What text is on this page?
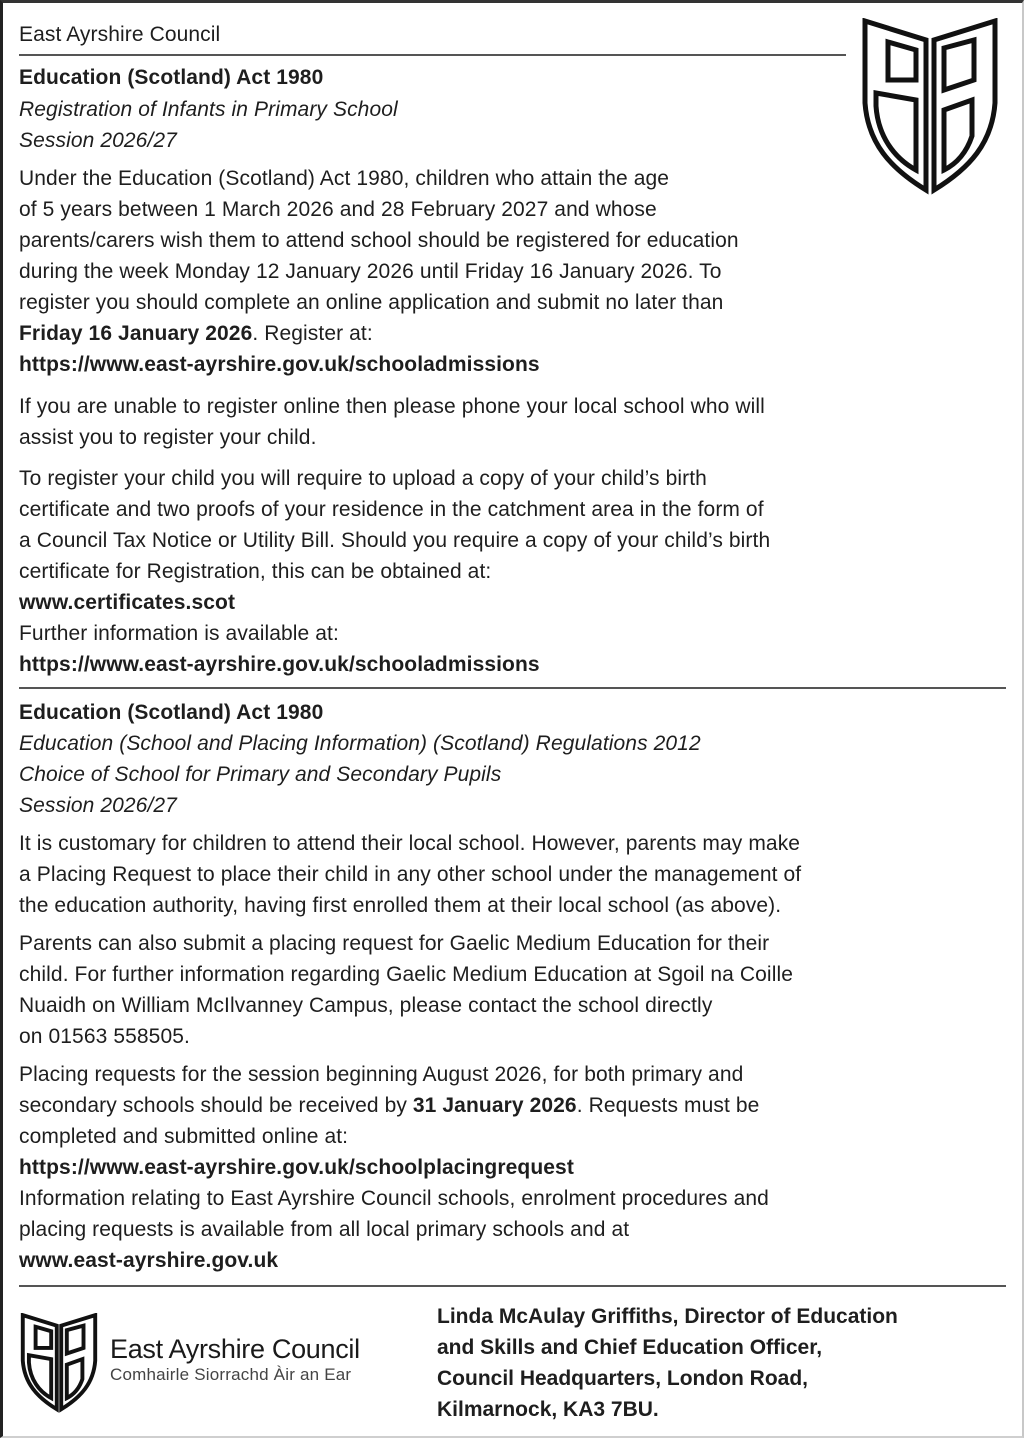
East Ayrshire Council
Education (Scotland) Act 1980
Registration of Infants in Primary School
Session 2026/27
Under the Education (Scotland) Act 1980, children who attain the age
of 5 years between 1 March 2026 and 28 February 2027 and whose
parents/carers wish them to attend school should be registered for education
during the week Monday 12 January 2026 until Friday 16 January 2026. To
register you should complete an online application and submit no later than
Friday 16 January 2026. Register at:
https://www.east-ayrshire.gov.uk/schooladmissions
If you are unable to register online then please phone your local school who will
assist you to register your child.
To register your child you will require to upload a copy of your child’s birth
certificate and two proofs of your residence in the catchment area in the form of
a Council Tax Notice or Utility Bill. Should you require a copy of your child’s birth
certificate for Registration, this can be obtained at:
www.certificates.scot
Further information is available at:
https://www.east-ayrshire.gov.uk/schooladmissions
Education (Scotland) Act 1980
Education (School and Placing Information) (Scotland) Regulations 2012
Choice of School for Primary and Secondary Pupils
Session 2026/27
It is customary for children to attend their local school. However, parents may make
a Placing Request to place their child in any other school under the management of
the education authority, having first enrolled them at their local school (as above).
Parents can also submit a placing request for Gaelic Medium Education for their
child. For further information regarding Gaelic Medium Education at Sgoil na Coille
Nuaidh on William McIlvanney Campus, please contact the school directly
on 01563 558505.
Placing requests for the session beginning August 2026, for both primary and
secondary schools should be received by 31 January 2026. Requests must be
completed and submitted online at:
https://www.east-ayrshire.gov.uk/schoolplacingrequest
Information relating to East Ayrshire Council schools, enrolment procedures and
placing requests is available from all local primary schools and at
www.east-ayrshire.gov.uk
East Ayrshire Council
Comhairle Siorrachd Àir an Ear
Linda McAulay Griffiths, Director of Education
and Skills and Chief Education Officer,
Council Headquarters, London Road,
Kilmarnock, KA3 7BU.
